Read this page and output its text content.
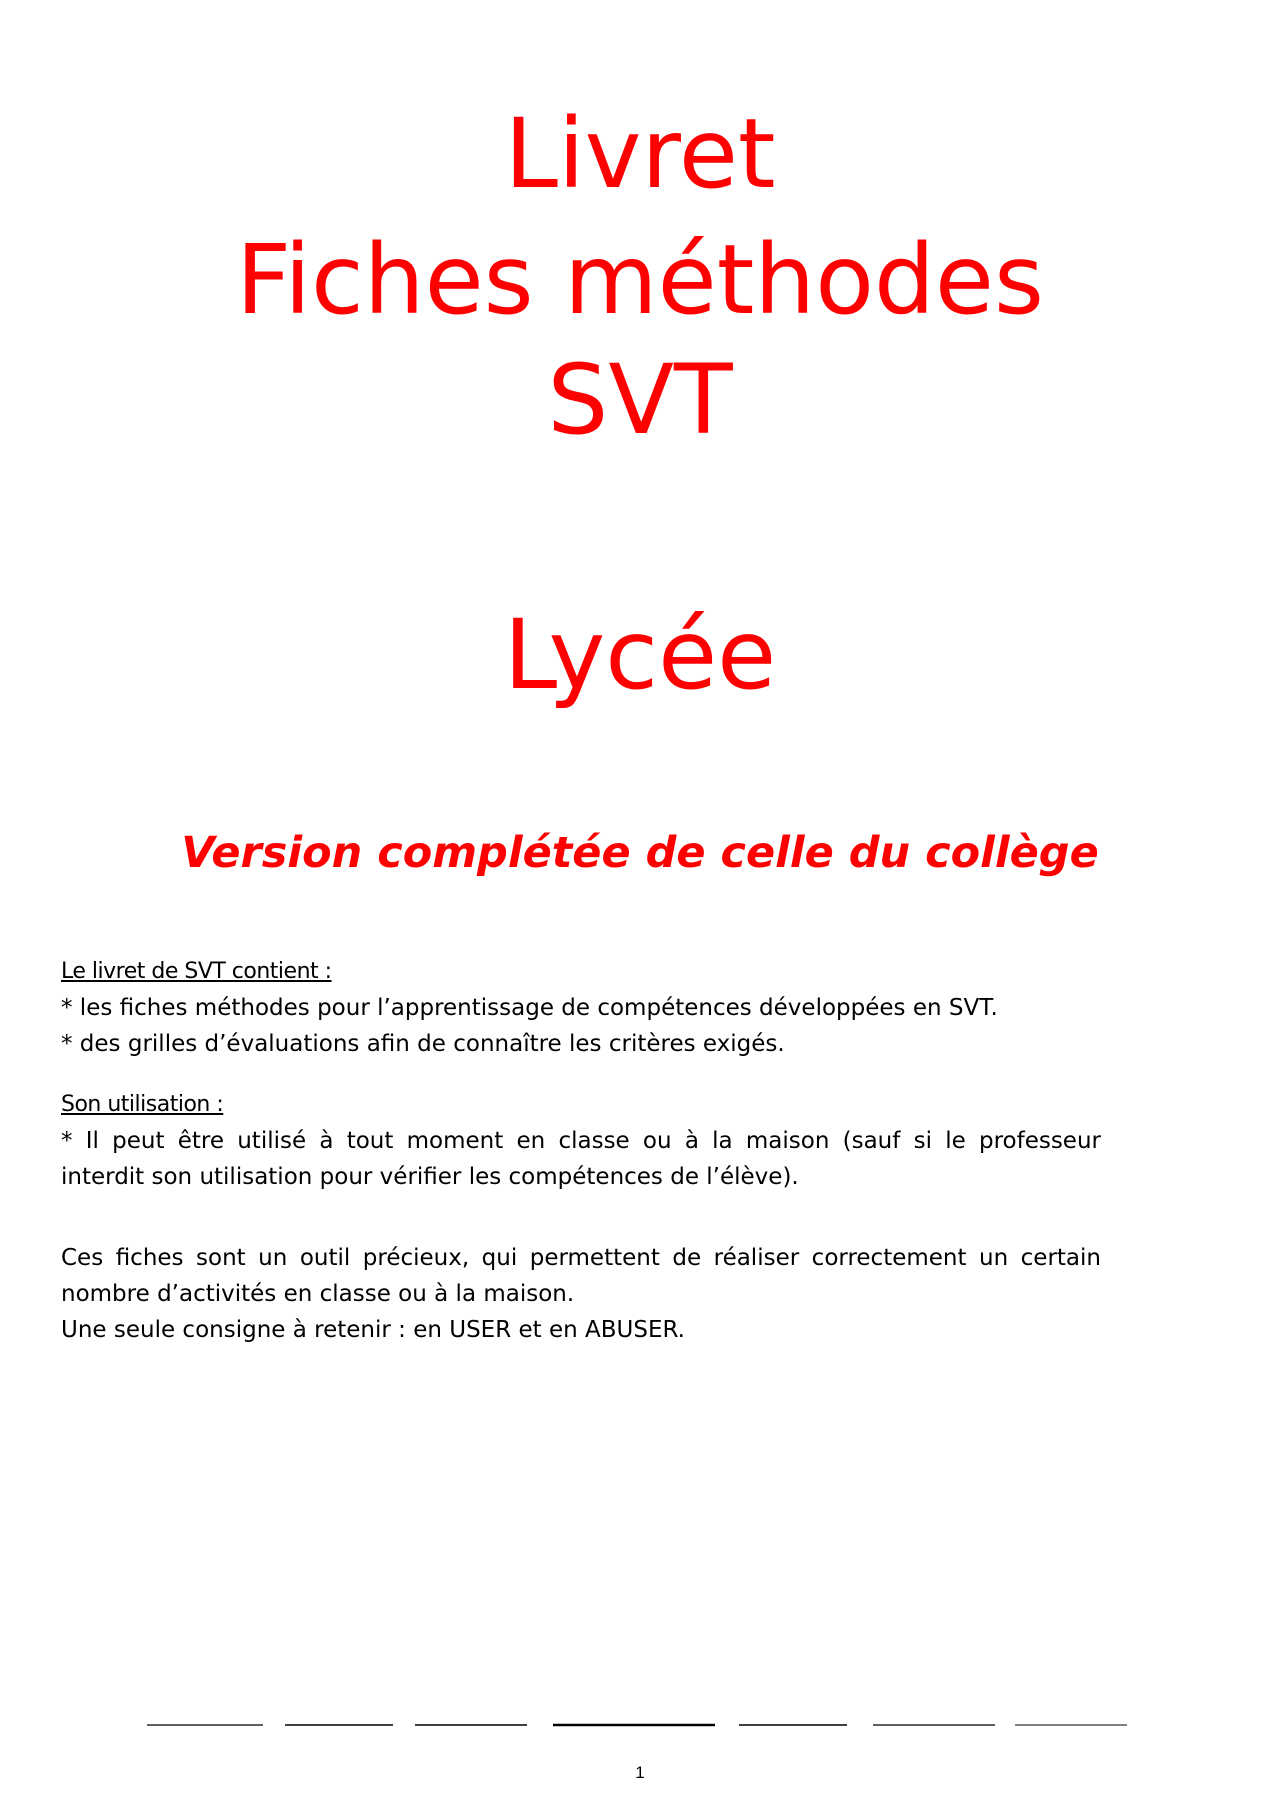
Livret
Fiches méthodes
SVT
Lycée
Version complétée de celle du collège
Le livret de SVT contient :
* les fiches méthodes pour l’apprentissage de compétences développées en SVT.
* des grilles d’évaluations afin de connaître les critères exigés.
Son utilisation :
* Il peut être utilisé à tout moment en classe ou à la maison (sauf si le professeur
interdit son utilisation pour vérifier les compétences de l’élève).
Ces fiches sont un outil précieux, qui permettent de réaliser correctement un certain
nombre d’activités en classe ou à la maison.
Une seule consigne à retenir : en USER et en ABUSER.
1
